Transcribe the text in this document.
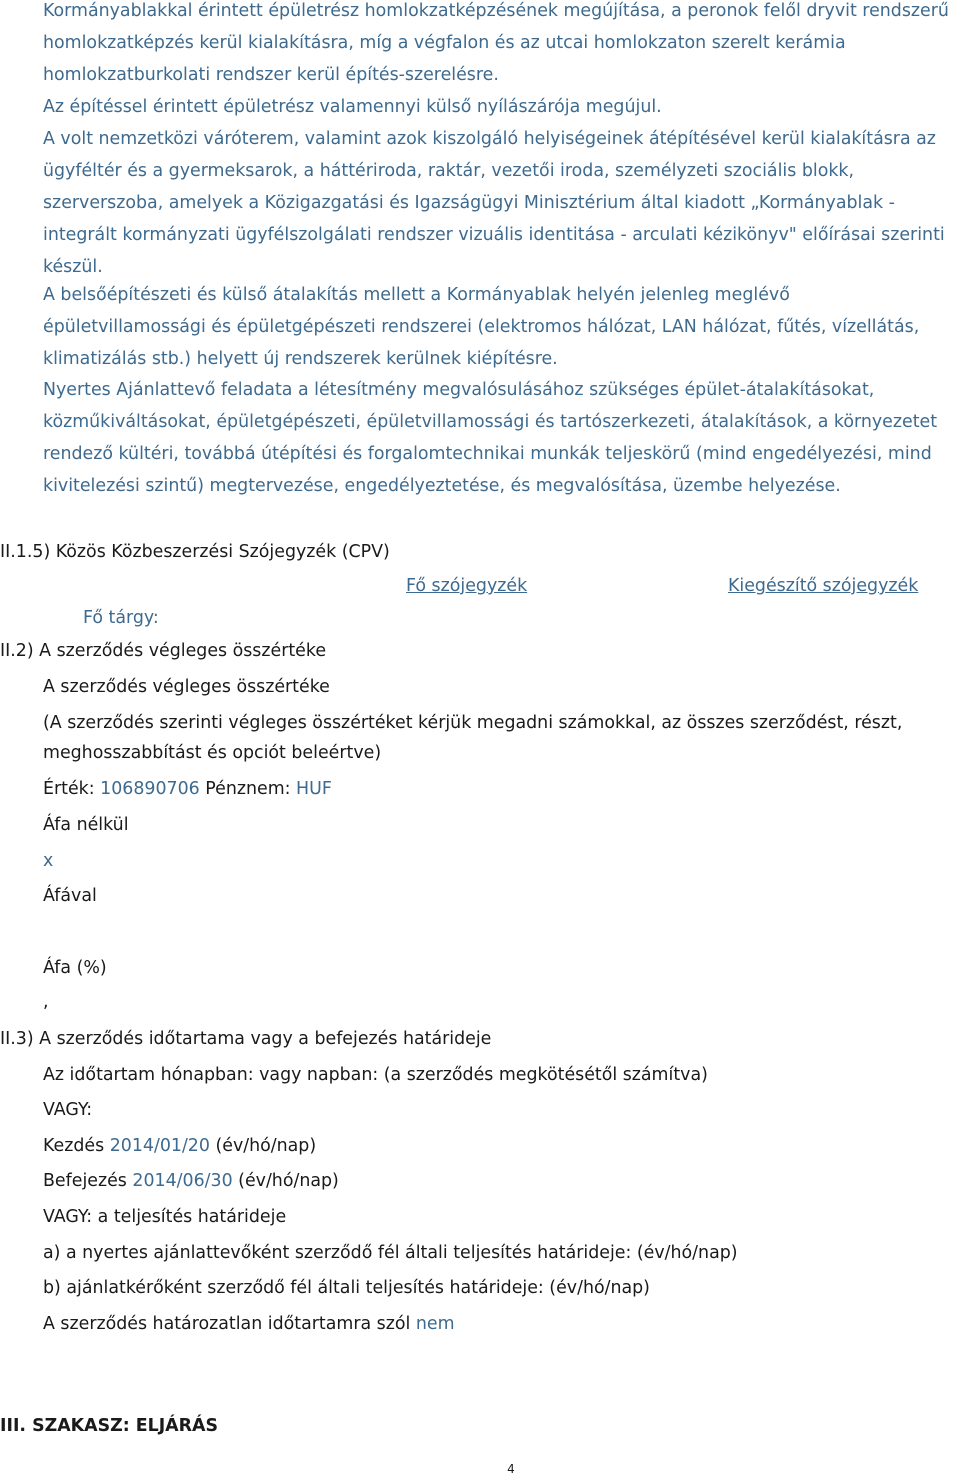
Kormányablakkal érintett épületrész homlokzatképzésének megújítása, a peronok felől dryvit rendszerű homlokzatképzés kerül kialakításra, míg a végfalon és az utcai homlokzaton szerelt kerámia homlokzatburkolati rendszer kerül építés-szerelésre.

Az építéssel érintett épületrész valamennyi külső nyílászárója megújul.

A volt nemzetközi váróterem, valamint azok kiszolgáló helyiségeinek átépítésével kerül kialakításra az ügyféltér és a gyermeksarok, a háttériroda, raktár, vezetői iroda, személyzeti szociális blokk, szerverszoba, amelyek a Közigazgatási és Igazságügyi Minisztérium által kiadott „Kormányablak - integrált kormányzati ügyfélszolgálati rendszer vizuális identitása - arculati kézikönyv" előírásai szerinti készül.

A belsőépítészeti és külső átalakítás mellett a Kormányablak helyén jelenleg meglévő épületvillamossági és épületgépészeti rendszerei (elektromos hálózat, LAN hálózat, fűtés, vízellátás, klimatizálás stb.) helyett új rendszerek kerülnek kiépítésre.

Nyertes Ajánlattevő feladata a létesítmény megvalósulásához szükséges épület-átalakításokat, közműkiváltásokat, épületgépészeti, épületvillamossági és tartószerkezeti, átalakítások, a környezetet rendező kültéri, továbbá útépítési és forgalomtechnikai munkák teljeskörű (mind engedélyezési, mind kivitelezési szintű) megtervezése, engedélyeztetése, és megvalósítása, üzembe helyezése.

II.1.5) Közös Közbeszerzési Szójegyzék (CPV)
Fő szójegyzék	Kiegészítő szójegyzék
Fő tárgy:
II.2) A szerződés végleges összértéke
A szerződés végleges összértéke
(A szerződés szerinti végleges összértéket kérjük megadni számokkal, az összes szerződést, részt,
meghosszabbítást és opciót beleértve)
Érték: 106890706 Pénznem: HUF
Áfa nélkül
x
Áfával
Áfa (%)
,
II.3) A szerződés időtartama vagy a befejezés határideje
Az időtartam hónapban: vagy napban: (a szerződés megkötésétől számítva)
VAGY:
Kezdés 2014/01/20 (év/hó/nap)
Befejezés 2014/06/30 (év/hó/nap)
VAGY: a teljesítés határideje
a) a nyertes ajánlattevőként szerződő fél általi teljesítés határideje: (év/hó/nap)
b) ajánlatkérőként szerződő fél általi teljesítés határideje: (év/hó/nap)
A szerződés határozatlan időtartamra szól nem
III. SZAKASZ: ELJÁRÁS
4
